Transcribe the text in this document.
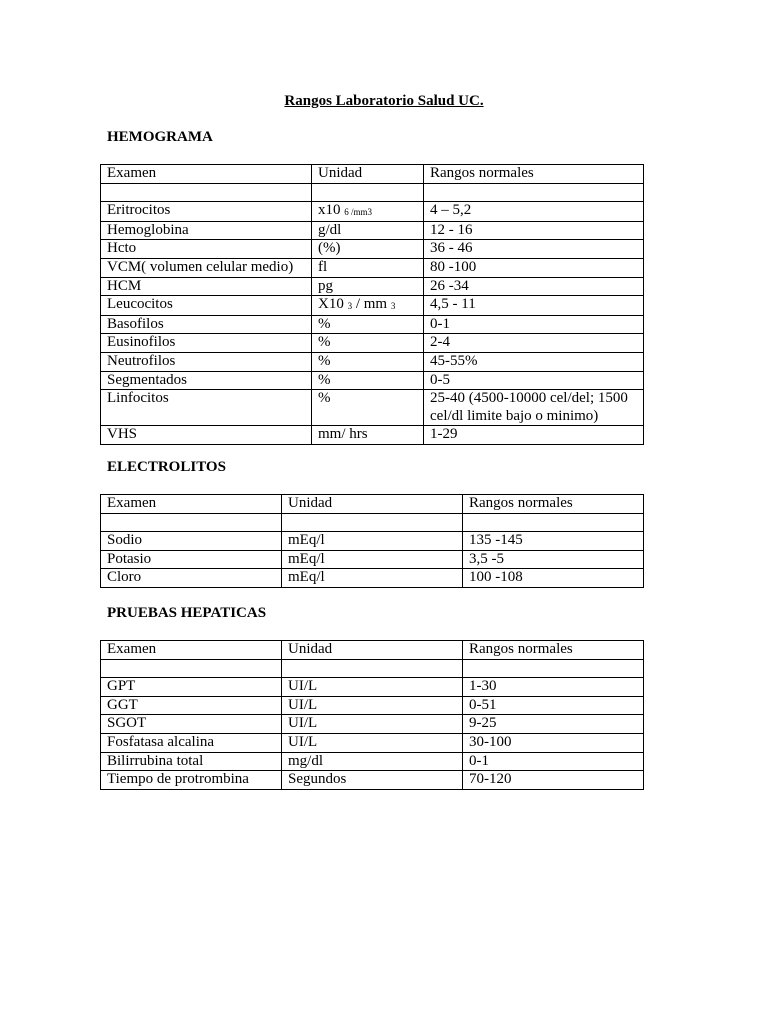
Rangos Laboratorio Salud UC.
HEMOGRAMA
Examen	Unidad	Rangos normales

Eritrocitos	x10 6 /mm3	4 – 5,2
Hemoglobina	g/dl	12 - 16
Hcto	(%)	36 - 46
VCM( volumen celular medio)	fl	80 -100
HCM	pg	26 -34
Leucocitos	X10 3 / mm 3	4,5 - 11
Basofilos	%	0-1
Eusinofilos	%	2-4
Neutrofilos	%	45-55%
Segmentados	%	0-5
Linfocitos	%	25-40 (4500-10000 cel/del; 1500 cel/dl limite bajo o minimo)
VHS	mm/ hrs	1-29
ELECTROLITOS
Examen	Unidad	Rangos normales

Sodio	mEq/l	135 -145
Potasio	mEq/l	3,5 -5
Cloro	mEq/l	100 -108
PRUEBAS HEPATICAS
Examen	Unidad	Rangos normales

GPT	UI/L	1-30
GGT	UI/L	0-51
SGOT	UI/L	9-25
Fosfatasa alcalina	UI/L	30-100
Bilirrubina total	mg/dl	0-1
Tiempo de protrombina	Segundos	70-120
